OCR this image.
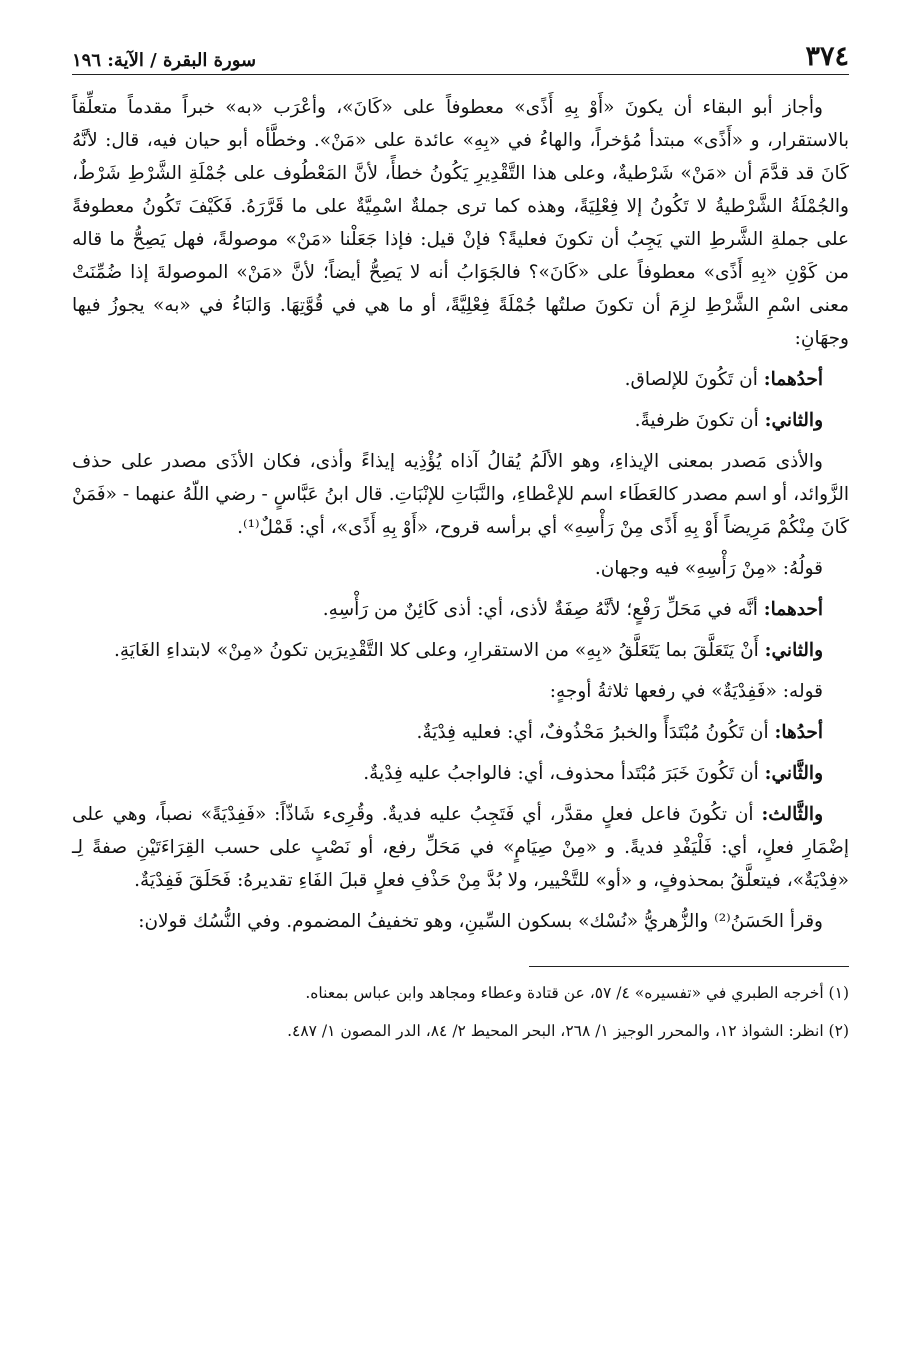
٣٧٤
سورة البقرة / الآية: ١٩٦

وأجاز أبو البقاء أن يكونَ «أَوْ بِهِ أَذًى» معطوفاً على «كَانَ»، وأعْرَب «به» خبراً مقدماً متعلِّقاً بالاستقرار، و «أَذًى» مبتدأ مُؤخراً، والهاءُ في «بِهِ» عائدة على «مَنْ». وخطَّأه أبو حيان فيه، قال: لأنَّهُ كَانَ قد قدَّمَ أن «مَنْ» شَرْطيةٌ، وعلى هذا التَّقْدِيرِ يَكُونُ خطأً، لأنَّ المَعْطُوف على جُمْلَةِ الشَّرْطِ شَرْطٌ، والجُمْلَةُ الشَّرْطيةُ لا تَكُونُ إلا فِعْلِيَةً، وهذه كما ترى جملةٌ اسْمِيَّةٌ على ما قَرَّرَهُ. فَكَيْفَ تَكُونُ معطوفةً على جملةِ الشَّرطِ التي يَجِبُ أن تكونَ فعليةً؟ فإنْ قيل: فإذا جَعَلْنا «مَنْ» موصولةً، فهل يَصِحُّ ما قاله من كَوْنِ «بِهِ أَذًى» معطوفاً على «كَانَ»؟ فالجَوَابُ أنه لا يَصِحُّ أيضاً؛ لأنَّ «مَنْ» الموصولةَ إذا ضُمِّنَتْ معنى اسْمِ الشَّرْطِ لزِمَ أن تكونَ صلتُها جُمْلَةً فِعْلِيَّةً، أو ما هي في قُوَّتِهَا. وَالبَاءُ في «به» يجوزُ فيها وجهَانِ:

أحدُهما: أن تَكُونَ للإلصاق.

والثاني: أن تكونَ ظرفيةً.

والأذى مَصدر بمعنى الإيذاءِ، وهو الألَمُ يُقالُ آذاه يُؤْذِيه إيذاءً وأذى، فكان الأذَى مصدر على حذف الزَّوائد، أو اسم مصدر كالعَطَاء اسم للإعْطاءِ، والنَّبَاتِ للإنْبَاتِ. قال ابنُ عَبَّاسٍ - رضي اللّهُ عنهما - «فَمَنْ كَانَ مِنْكُمْ مَرِيضاً أَوْ بِهِ أَذًى مِنْ رَأْسِهِ» أي برأسه قروح، «أَوْ بِهِ أَذًى»، أي: قَمْلٌ⁽¹⁾.

قولُهُ: «مِنْ رَأْسِهِ» فيه وجهان.

أحدهما: أنَّه في مَحَلِّ رَفْعٍ؛ لأنَّهُ صِفَةٌ لأذى، أي: أذى كَائِنٌ من رَأْسِهِ.

والثاني: أَنْ يَتَعَلَّقَ بما يَتَعَلَّقُ «بِهِ» من الاستقرارِ، وعلى كلا التَّقْدِيرَين تكونُ «مِنْ» لابتداءِ الغَايَةِ.

قوله: «فَفِدْيَةٌ» في رفعها ثلاثةُ أوجهٍ:

أحدُها: أن تَكُونُ مُبْتَدَأً والخبرُ مَحْذُوفٌ، أي: فعليه فِدْيَةٌ.

والثَّاني: أن تَكُونَ خَبَرَ مُبْتَدأ محذوف، أي: فالواجبُ عليه فِدْيةٌ.

والثَّالث: أن تكُونَ فاعل فعلٍ مقدَّر، أي فَتَجِبُ عليه فديةٌ. وقُرِىء شَاذّاً: «فَفِدْيَةً» نصباً، وهي على إضْمَارِ فعلٍ، أي: فَلْيَفْدِ فديةً. و «مِنْ صِيَامٍ» في مَحَلِّ رفع، أو نَصْبٍ على حسب القِرَاءَتَيْنِ صفةً لِـ «فِدْيَةٌ»، فيتعلَّقُ بمحذوفٍ، و «أو» للتَّخْيير، ولا بُدَّ مِنْ حَذْفِ فعلٍ قبلَ الفَاءِ تقديرهُ: فَحَلَقَ فَفِدْيَةٌ.

وقرأ الحَسَنُ⁽²⁾ والزُّهريُّ «نُسْك» بسكون السِّينِ، وهو تخفيفُ المضموم. وفي النُّسُك قولان:

(١) أخرجه الطبري في «تفسيره» ٤/ ٥٧، عن قتادة وعطاء ومجاهد وابن عباس بمعناه.

(٢) انظر: الشواذ ١٢، والمحرر الوجيز ١/ ٢٦٨، البحر المحيط ٢/ ٨٤، الدر المصون ١/ ٤٨٧.
